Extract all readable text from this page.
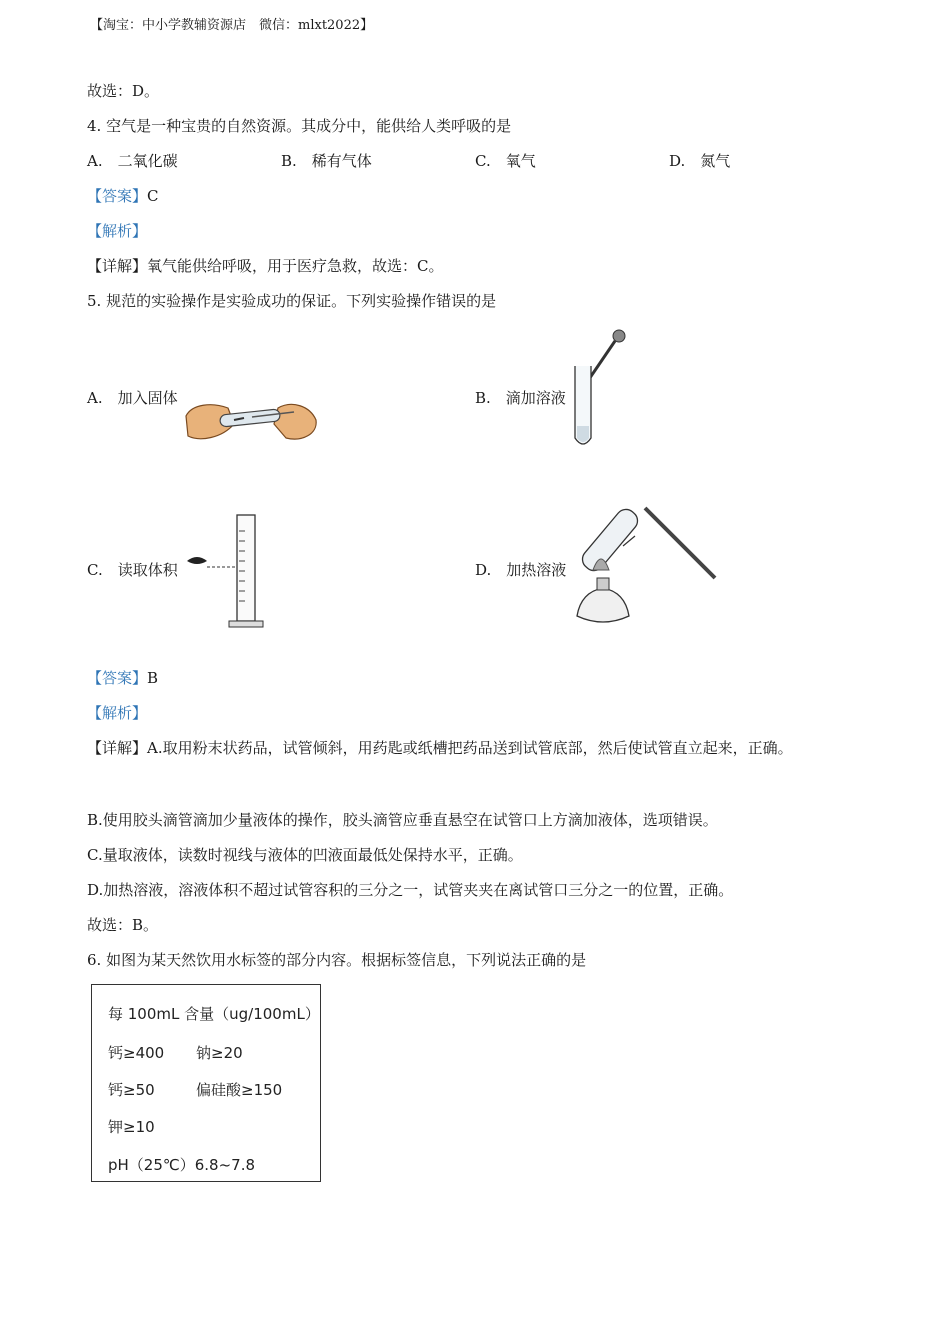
【淘宝：中小学教辅资源店　微信：mlxt2022】
故选：D。
4. 空气是一种宝贵的自然资源。其成分中，能供给人类呼吸的是
A.　二氧化碳	B.　稀有气体	C.　氧气	D.　氮气
【答案】C
【解析】
【详解】氧气能供给呼吸，用于医疗急救，故选：C。
5. 规范的实验操作是实验成功的保证。下列实验操作错误的是
A.　加入固体	B.　滴加溶液
C.　读取体积	D.　加热溶液
【答案】B
【解析】
【详解】A.取用粉末状药品，试管倾斜，用药匙或纸槽把药品送到试管底部，然后使试管直立起来，正确。
B.使用胶头滴管滴加少量液体的操作，胶头滴管应垂直悬空在试管口上方滴加液体，选项错误。
C.量取液体，读数时视线与液体的凹液面最低处保持水平，正确。
D.加热溶液，溶液体积不超过试管容积的三分之一，试管夹夹在离试管口三分之一的位置，正确。
故选：B。
6. 如图为某天然饮用水标签的部分内容。根据标签信息，下列说法正确的是
每 100mL 含量（ug/100mL）
钙≥400 钠≥20
钙≥50	偏硅酸≥150
钾≥10
pH（25℃）6.8~7.8
